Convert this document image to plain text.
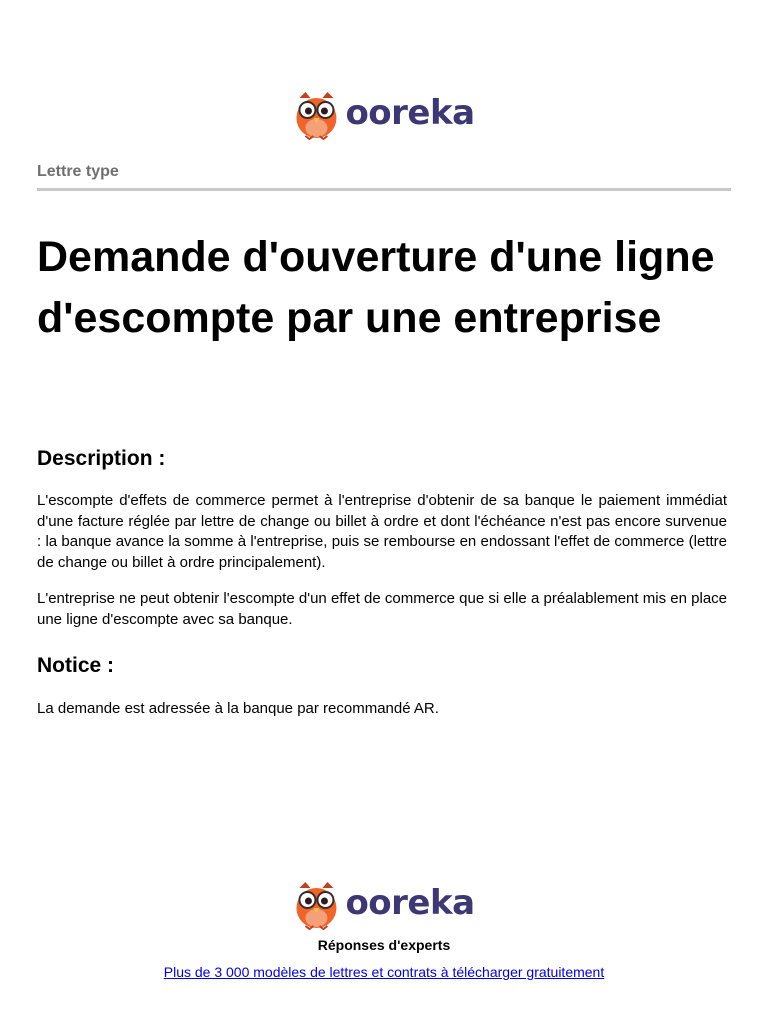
ooreka
Lettre type
Demande d'ouverture d'une ligne d'escompte par une entreprise
Description :

L'escompte d'effets de commerce permet à l'entreprise d'obtenir de sa banque le paiement immédiat d'une facture réglée par lettre de change ou billet à ordre et dont l'échéance n'est pas encore survenue : la banque avance la somme à l'entreprise, puis se rembourse en endossant l'effet de commerce (lettre de change ou billet à ordre principalement).

L'entreprise ne peut obtenir l'escompte d'un effet de commerce que si elle a préalablement mis en place une ligne d'escompte avec sa banque.

Notice :

La demande est adressée à la banque par recommandé AR.

ooreka
Réponses d'experts
Plus de 3 000 modèles de lettres et contrats à télécharger gratuitement
